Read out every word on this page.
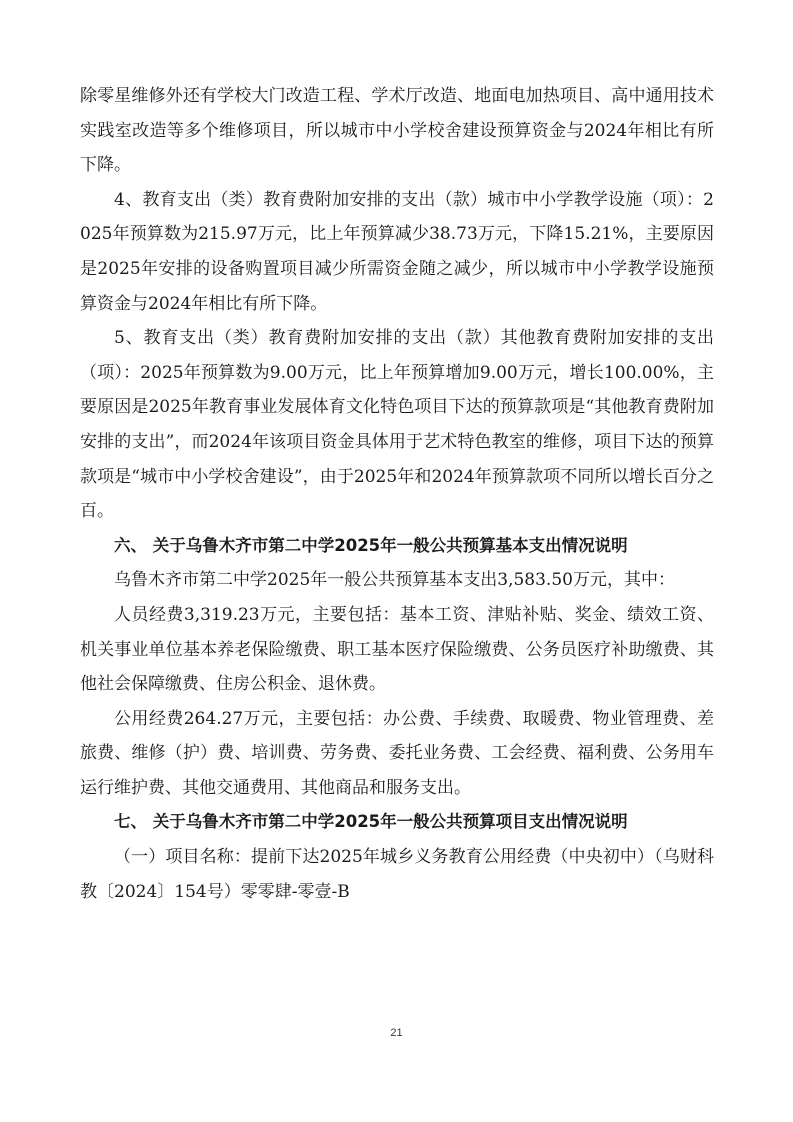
除零星维修外还有学校大门改造工程、学术厅改造、地面电加热项目、高中通用技术实践室改造等多个维修项目，所以城市中小学校舍建设预算资金与2024年相比有所下降。

4、教育支出（类）教育费附加安排的支出（款）城市中小学教学设施（项）：2025年预算数为215.97万元，比上年预算减少38.73万元，下降15.21%，主要原因是2025年安排的设备购置项目减少所需资金随之减少，所以城市中小学教学设施预算资金与2024年相比有所下降。

5、教育支出（类）教育费附加安排的支出（款）其他教育费附加安排的支出（项）：2025年预算数为9.00万元，比上年预算增加9.00万元，增长100.00%，主要原因是2025年教育事业发展体育文化特色项目下达的预算款项是“其他教育费附加安排的支出”，而2024年该项目资金具体用于艺术特色教室的维修，项目下达的预算款项是“城市中小学校舍建设”，由于2025年和2024年预算款项不同所以增长百分之百。

六、 关于乌鲁木齐市第二中学2025年一般公共预算基本支出情况说明

乌鲁木齐市第二中学2025年一般公共预算基本支出3,583.50万元，其中：

人员经费3,319.23万元，主要包括：基本工资、津贴补贴、奖金、绩效工资、机关事业单位基本养老保险缴费、职工基本医疗保险缴费、公务员医疗补助缴费、其他社会保障缴费、住房公积金、退休费。

公用经费264.27万元，主要包括：办公费、手续费、取暖费、物业管理费、差旅费、维修（护）费、培训费、劳务费、委托业务费、工会经费、福利费、公务用车运行维护费、其他交通费用、其他商品和服务支出。

七、 关于乌鲁木齐市第二中学2025年一般公共预算项目支出情况说明

（一）项目名称：提前下达2025年城乡义务教育公用经费（中央初中）（乌财科教〔2024〕154号）零零肆-零壹-B

21
